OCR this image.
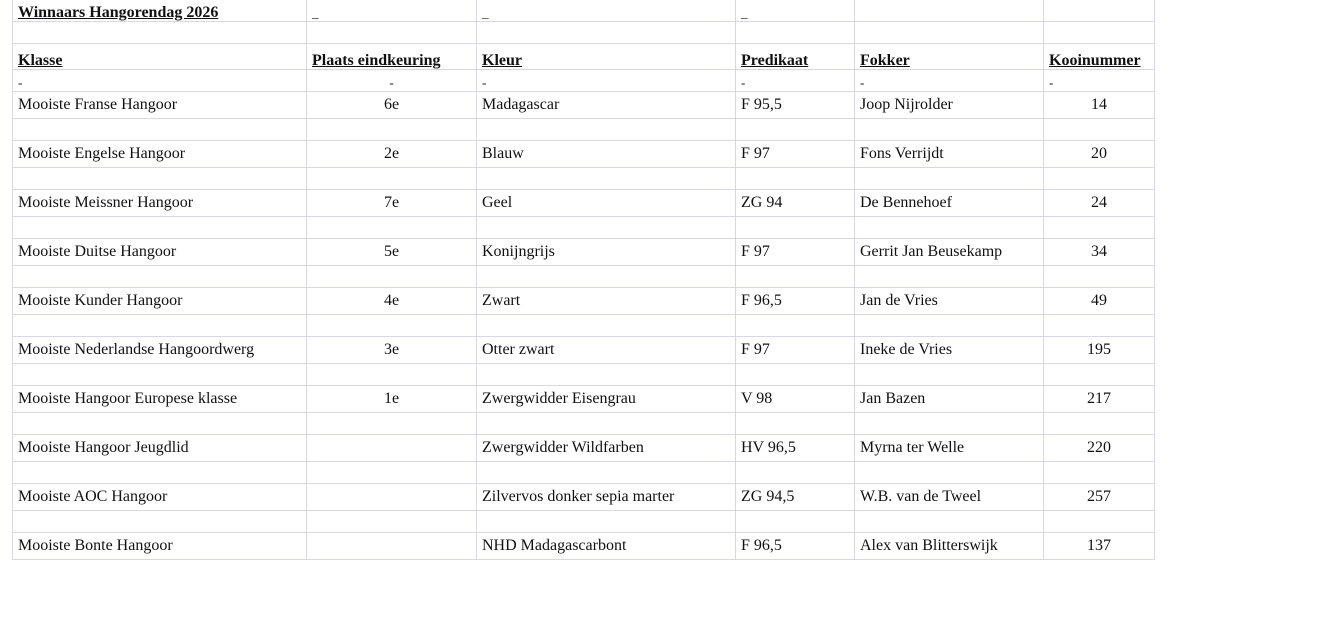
Winnaars Hangorendag 2026	_	_	_		

Klasse	Plaats eindkeuring	Kleur	Predikaat	Fokker	Kooinummer
-	-	-	-	-	-
Mooiste Franse Hangoor	6e	Madagascar	F 95,5	Joop Nijrolder	14

Mooiste Engelse Hangoor	2e	Blauw	F 97	Fons Verrijdt	20

Mooiste Meissner Hangoor	7e	Geel	ZG 94	De Bennehoef	24

Mooiste Duitse Hangoor	5e	Konijngrijs	F 97	Gerrit Jan Beusekamp	34

Mooiste Kunder Hangoor	4e	Zwart	F 96,5	Jan de Vries	49

Mooiste Nederlandse Hangoordwerg	3e	Otter zwart	F 97	Ineke de Vries	195

Mooiste Hangoor Europese klasse	1e	Zwergwidder Eisengrau	V 98	Jan Bazen	217

Mooiste Hangoor Jeugdlid		Zwergwidder Wildfarben	HV 96,5	Myrna ter Welle	220

Mooiste AOC Hangoor		Zilvervos donker sepia marter	ZG 94,5	W.B. van de Tweel	257

Mooiste Bonte Hangoor		NHD Madagascarbont	F 96,5	Alex van Blitterswijk	137
